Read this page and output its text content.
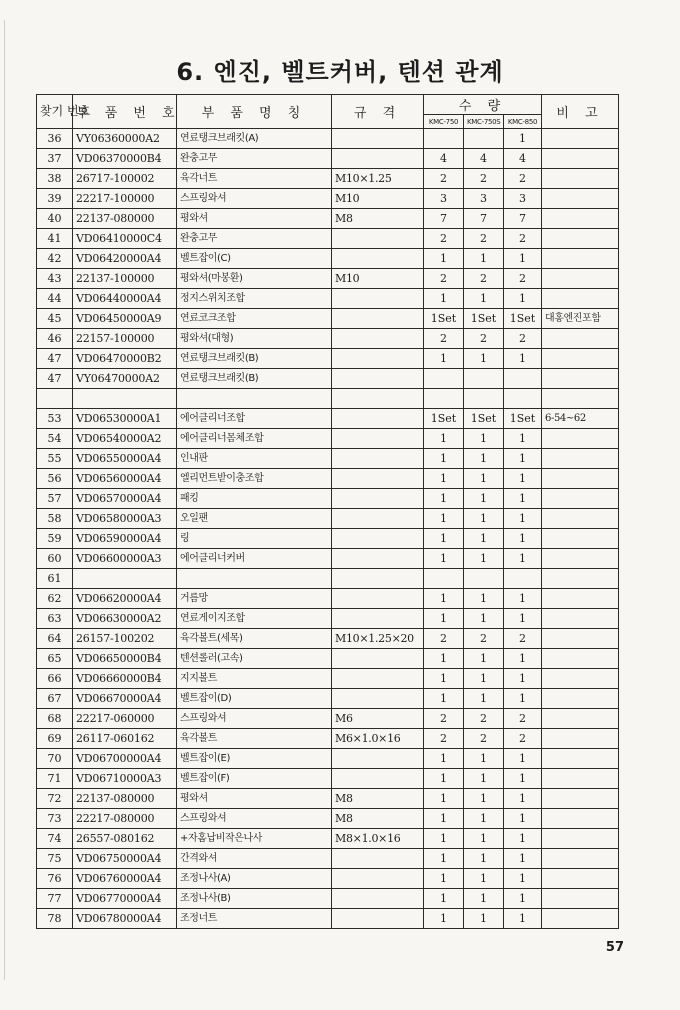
6. 엔진, 벨트커버, 텐션 관계
찾기 번호	부 품 번 호	부 품 명 칭	규 격	수 량			비 고
				KMC-750	KMC-750S	KMC-850	
36	VY06360000A2	연료탱크브래킷(A)				1	
37	VD06370000B4	완충고무		4	4	4	
38	26717-100002	육각너트	M10×1.25	2	2	2	
39	22217-100000	스프링와셔	M10	3	3	3	
40	22137-080000	평와셔	M8	7	7	7	
41	VD06410000C4	완충고무		2	2	2	
42	VD06420000A4	벨트잡이(C)		1	1	1	
43	22137-100000	평와셔(마봉환)	M10	2	2	2	
44	VD06440000A4	정지스위치조합		1	1	1	
45	VD06450000A9	연료코크조합		1Set	1Set	1Set	대홍엔진포함
46	22157-100000	평와셔(대형)		2	2	2	
47	VD06470000B2	연료탱크브래킷(B)		1	1	1	
47	VY06470000A2	연료탱크브래킷(B)					

53	VD06530000A1	에어클리너조합		1Set	1Set	1Set	6-54~62
54	VD06540000A2	에어클리너몸체조합		1	1	1	
55	VD06550000A4	인내판		1	1	1	
56	VD06560000A4	엘리먼트받이충조합		1	1	1	
57	VD06570000A4	패킹		1	1	1	
58	VD06580000A3	오일팬		1	1	1	
59	VD06590000A4	링		1	1	1	
60	VD06600000A3	에어클리너커버		1	1	1	
61							
62	VD06620000A4	거름망		1	1	1	
63	VD06630000A2	연료게이지조합		1	1	1	
64	26157-100202	육각볼트(세목)	M10×1.25×20	2	2	2	
65	VD06650000B4	텐션롤러(고속)		1	1	1	
66	VD06660000B4	지지볼트		1	1	1	
67	VD06670000A4	벨트잡이(D)		1	1	1	
68	22217-060000	스프링와셔	M6	2	2	2	
69	26117-060162	육각볼트	M6×1.0×16	2	2	2	
70	VD06700000A4	벨트잡이(E)		1	1	1	
71	VD06710000A3	벨트잡이(F)		1	1	1	
72	22137-080000	평와셔	M8	1	1	1	
73	22217-080000	스프링와셔	M8	1	1	1	
74	26557-080162	+자홈납비작은나사	M8×1.0×16	1	1	1	
75	VD06750000A4	간격와셔		1	1	1	
76	VD06760000A4	조정나사(A)		1	1	1	
77	VD06770000A4	조정나사(B)		1	1	1	
78	VD06780000A4	조정너트		1	1	1	
57
